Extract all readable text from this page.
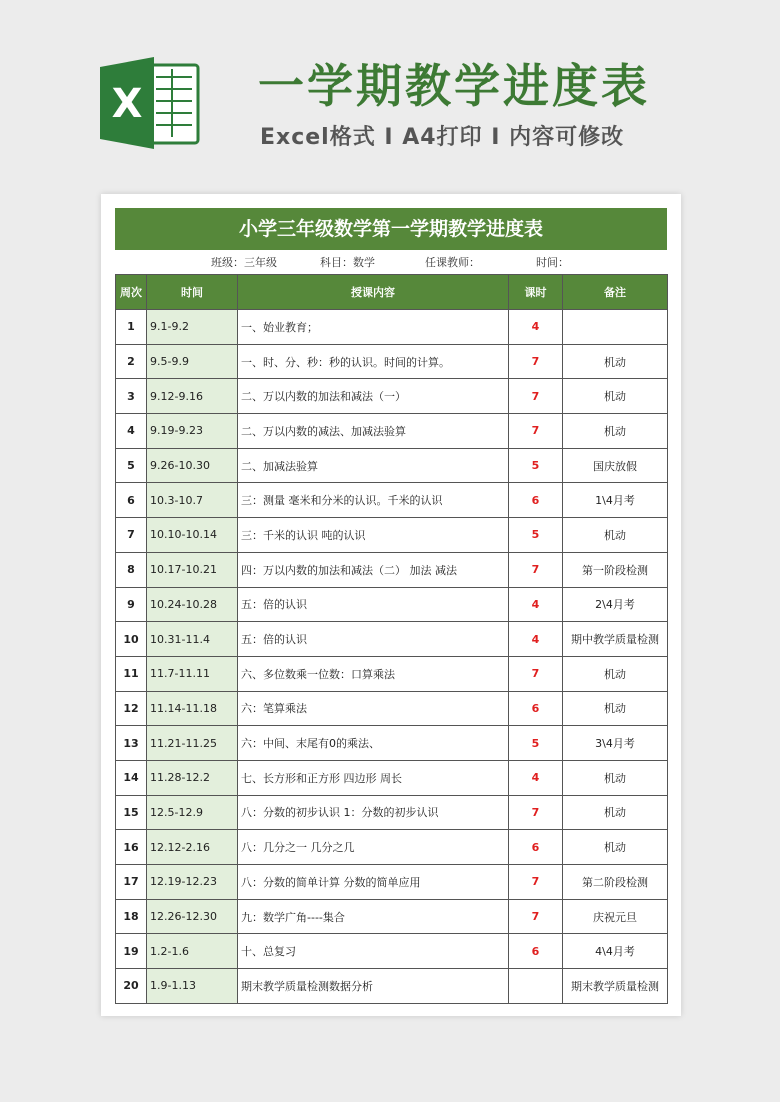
X	一学期教学进度表
Excel格式 I A4打印 I 内容可修改
小学三年级数学第一学期教学进度表
班级：三年级	科目：数学	任课教师：	时间：
周次	时间	授课内容	课时	备注
1	9.1-9.2	一、始业教育；	4	
2	9.5-9.9	一、时、分、秒：秒的认识。时间的计算。	7	机动
3	9.12-9.16	二、万以内数的加法和减法（一）	7	机动
4	9.19-9.23	二、万以内数的减法、加减法验算	7	机动
5	9.26-10.30	二、加减法验算	5	国庆放假
6	10.3-10.7	三：测量 毫米和分米的认识。千米的认识	6	1\4月考
7	10.10-10.14	三：千米的认识 吨的认识	5	机动
8	10.17-10.21	四：万以内数的加法和减法（二） 加法 减法	7	第一阶段检测
9	10.24-10.28	五：倍的认识	4	2\4月考
10	10.31-11.4	五：倍的认识	4	期中教学质量检测
11	11.7-11.11	六、多位数乘一位数：口算乘法	7	机动
12	11.14-11.18	六：笔算乘法	6	机动
13	11.21-11.25	六：中间、末尾有0的乘法、	5	3\4月考
14	11.28-12.2	七、长方形和正方形 四边形 周长	4	机动
15	12.5-12.9	八：分数的初步认识 1：分数的初步认识	7	机动
16	12.12-2.16	八：几分之一 几分之几	6	机动
17	12.19-12.23	八：分数的简单计算 分数的简单应用	7	第二阶段检测
18	12.26-12.30	九：数学广角----集合	7	庆祝元旦
19	1.2-1.6	十、总复习	6	4\4月考
20	1.9-1.13	期末教学质量检测数据分析		期末教学质量检测
